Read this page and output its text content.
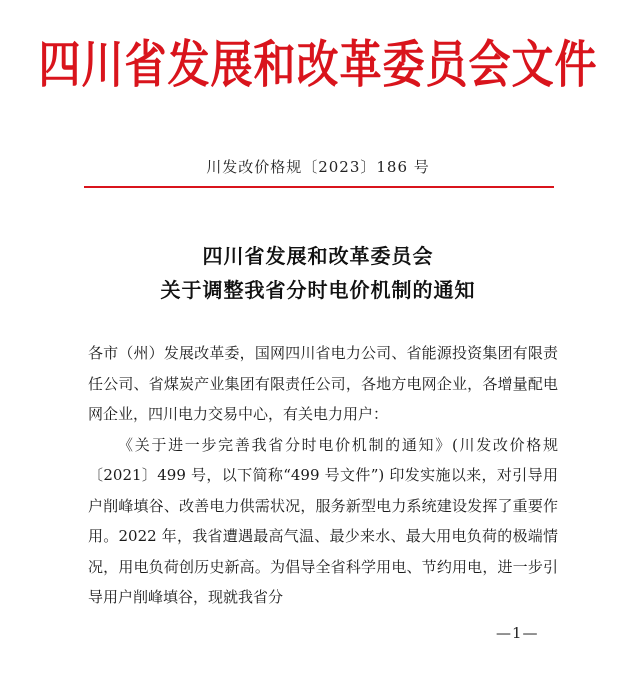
四川省发展和改革委员会文件
川发改价格规〔2023〕186 号
四川省发展和改革委员会
关于调整我省分时电价机制的通知

各市（州）发展改革委，国网四川省电力公司、省能源投资集团有限责任公司、省煤炭产业集团有限责任公司，各地方电网企业，各增量配电网企业，四川电力交易中心，有关电力用户：

《关于进一步完善我省分时电价机制的通知》(川发改价格规〔2021〕499 号，以下简称“499 号文件”) 印发实施以来，对引导用户削峰填谷、改善电力供需状况，服务新型电力系统建设发挥了重要作用。2022 年，我省遭遇最高气温、最少来水、最大用电负荷的极端情况，用电负荷创历史新高。为倡导全省科学用电、节约用电，进一步引导用户削峰填谷，现就我省分

—1—
